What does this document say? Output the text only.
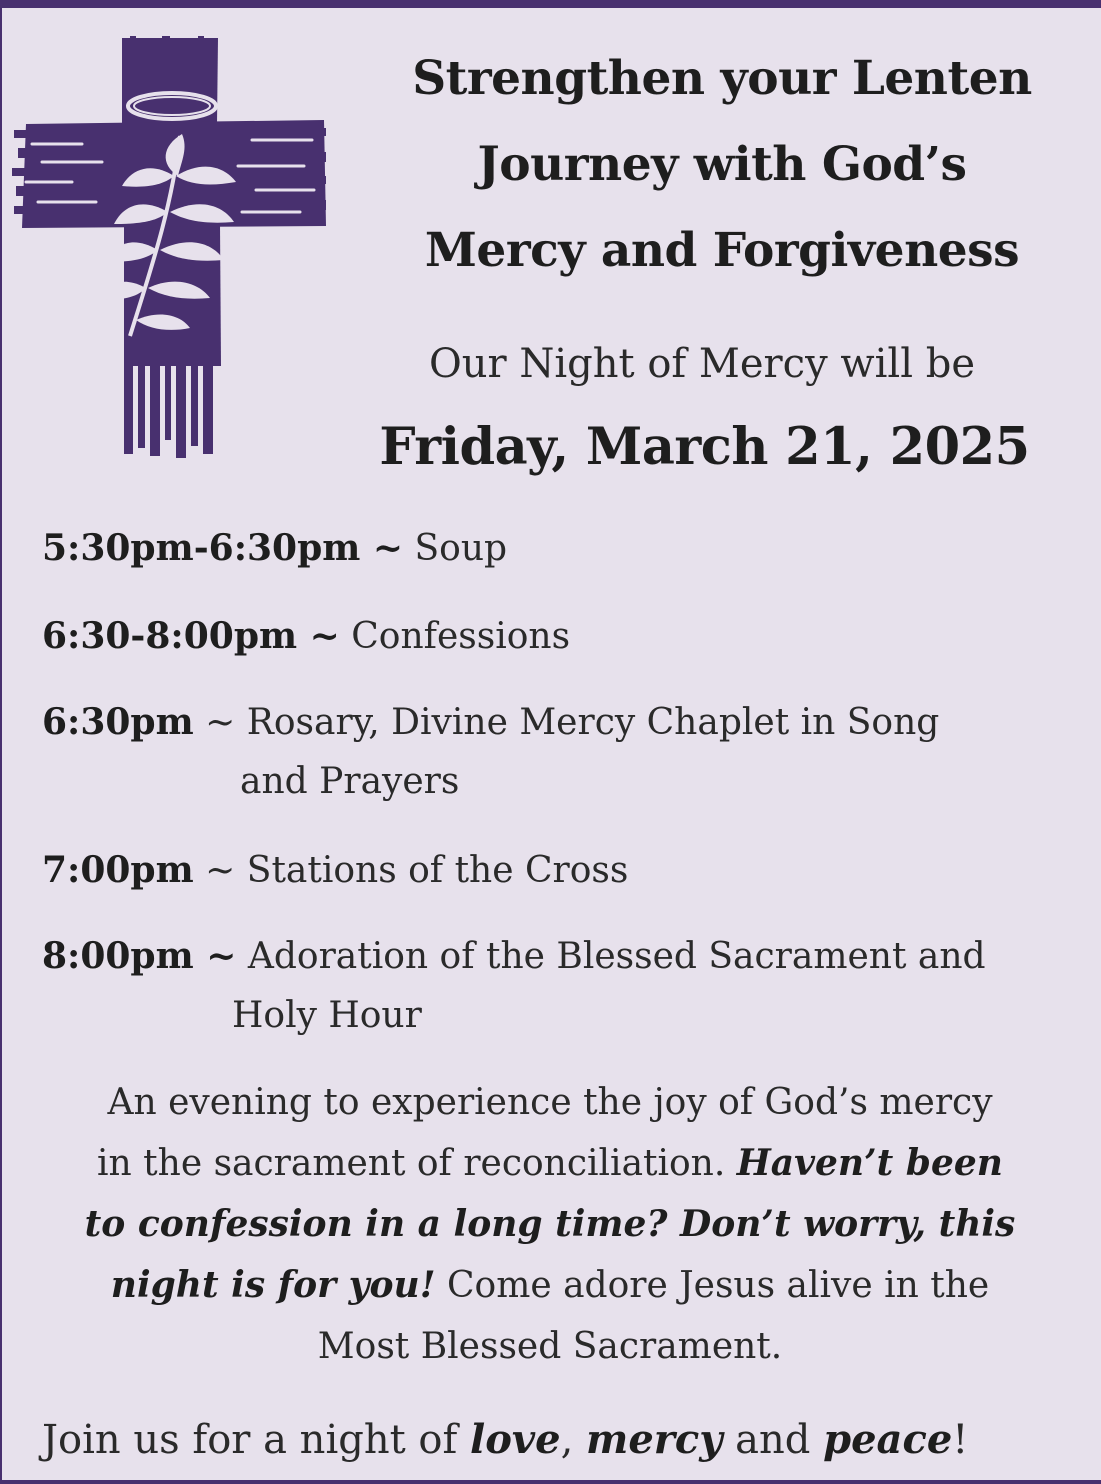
Strengthen your Lenten
Journey with God’s
Mercy and Forgiveness
Our Night of Mercy will be
Friday, March 21, 2025
5:30pm-6:30pm ~ Soup
6:30-8:00pm ~ Confessions
6:30pm ~ Rosary, Divine Mercy Chaplet in Song
and Prayers
7:00pm ~ Stations of the Cross
8:00pm ~ Adoration of the Blessed Sacrament and
Holy Hour
An evening to experience the joy of God’s mercy
in the sacrament of reconciliation. Haven’t been
to confession in a long time? Don’t worry, this
night is for you! Come adore Jesus alive in the
Most Blessed Sacrament.
Join us for a night of love, mercy and peace!
